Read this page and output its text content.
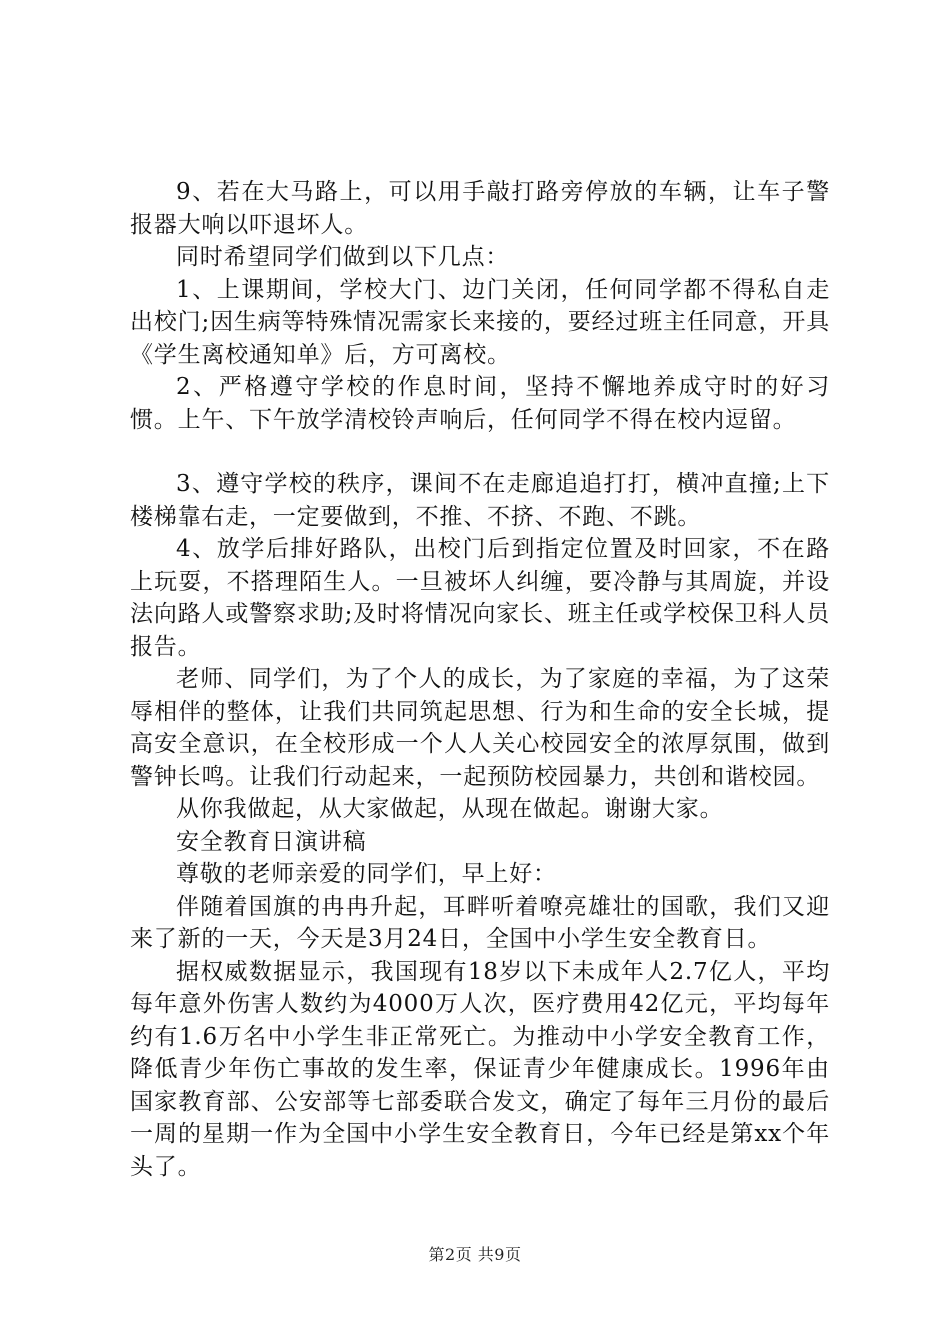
9、若在大马路上，可以用手敲打路旁停放的车辆，让车子警报器大响以吓退坏人。

同时希望同学们做到以下几点：

1、上课期间，学校大门、边门关闭，任何同学都不得私自走出校门;因生病等特殊情况需家长来接的，要经过班主任同意，开具《学生离校通知单》后，方可离校。

2、严格遵守学校的作息时间，坚持不懈地养成守时的好习惯。上午、下午放学清校铃声响后，任何同学不得在校内逗留。

3、遵守学校的秩序，课间不在走廊追追打打，横冲直撞;上下楼梯靠右走，一定要做到，不推、不挤、不跑、不跳。

4、放学后排好路队，出校门后到指定位置及时回家，不在路上玩耍，不搭理陌生人。一旦被坏人纠缠，要冷静与其周旋，并设法向路人或警察求助;及时将情况向家长、班主任或学校保卫科人员报告。

老师、同学们，为了个人的成长，为了家庭的幸福，为了这荣辱相伴的整体，让我们共同筑起思想、行为和生命的安全长城，提高安全意识，在全校形成一个人人关心校园安全的浓厚氛围，做到警钟长鸣。让我们行动起来，一起预防校园暴力，共创和谐校园。

从你我做起，从大家做起，从现在做起。谢谢大家。

安全教育日演讲稿

尊敬的老师亲爱的同学们，早上好：

伴随着国旗的冉冉升起，耳畔听着嘹亮雄壮的国歌，我们又迎来了新的一天，今天是3月24日，全国中小学生安全教育日。

据权威数据显示，我国现有18岁以下未成年人2.7亿人，平均每年意外伤害人数约为4000万人次，医疗费用42亿元，平均每年约有1.6万名中小学生非正常死亡。为推动中小学安全教育工作，降低青少年伤亡事故的发生率，保证青少年健康成长。1996年由国家教育部、公安部等七部委联合发文，确定了每年三月份的最后一周的星期一作为全国中小学生安全教育日，今年已经是第xx个年头了。

第2页 共9页
